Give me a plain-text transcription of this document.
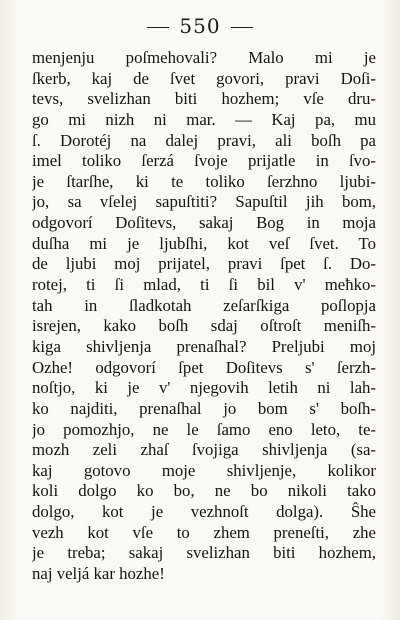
550
menjenju poſmehovali? Malo mi je
ſkerb, kaj de ſvet govori, pravi Doſi-
tevs, svelizhan biti hozhem; vſe dru-
go mi nizh ni mar. — Kaj pa, mu
ſ. Dorotéj na dalej pravi, ali boſh pa
imel toliko ſerzá ſvoje prijatle in ſvo-
je ſtarſhe, ki te toliko ſerzhno ljubi-
jo, sa vſelej sapuſtiti? Sapuſtil jih bom,
odgovorí Doſitevs, sakaj Bog in moja
duſha mi je ljubſhi, kot veſ ſvet. To
de ljubi moj prijatel, pravi ſpet ſ. Do-
rotej, ti ſi mlad, ti ſi bil v' meħko-
tah in ſladkotah zeſarſkiga poſlopja
isrejen, kako boſh sdaj oſtroſt meniſh-
kiga shivljenja prenaſhal? Preljubi moj
Ozhe! odgovorí ſpet Doſitevs s' ſerzh-
noſtjo, ki je v' njegovih letih ni lah-
ko najditi, prenaſhal jo bom s' boſh-
jo pomozhjo, ne le ſamo eno leto, te-
mozh zeli zhaſ ſvojiga shivljenja (sa-
kaj gotovo moje shivljenje, kolikor
koli dolgo ko bo, ne bo nikoli tako
dolgo, kot je vezhnoſt dolga). Ŝhe
vezh kot vſe to zhem preneſti, zhe
je treba; sakaj svelizhan biti hozhem,
naj veljá kar hozhe!
